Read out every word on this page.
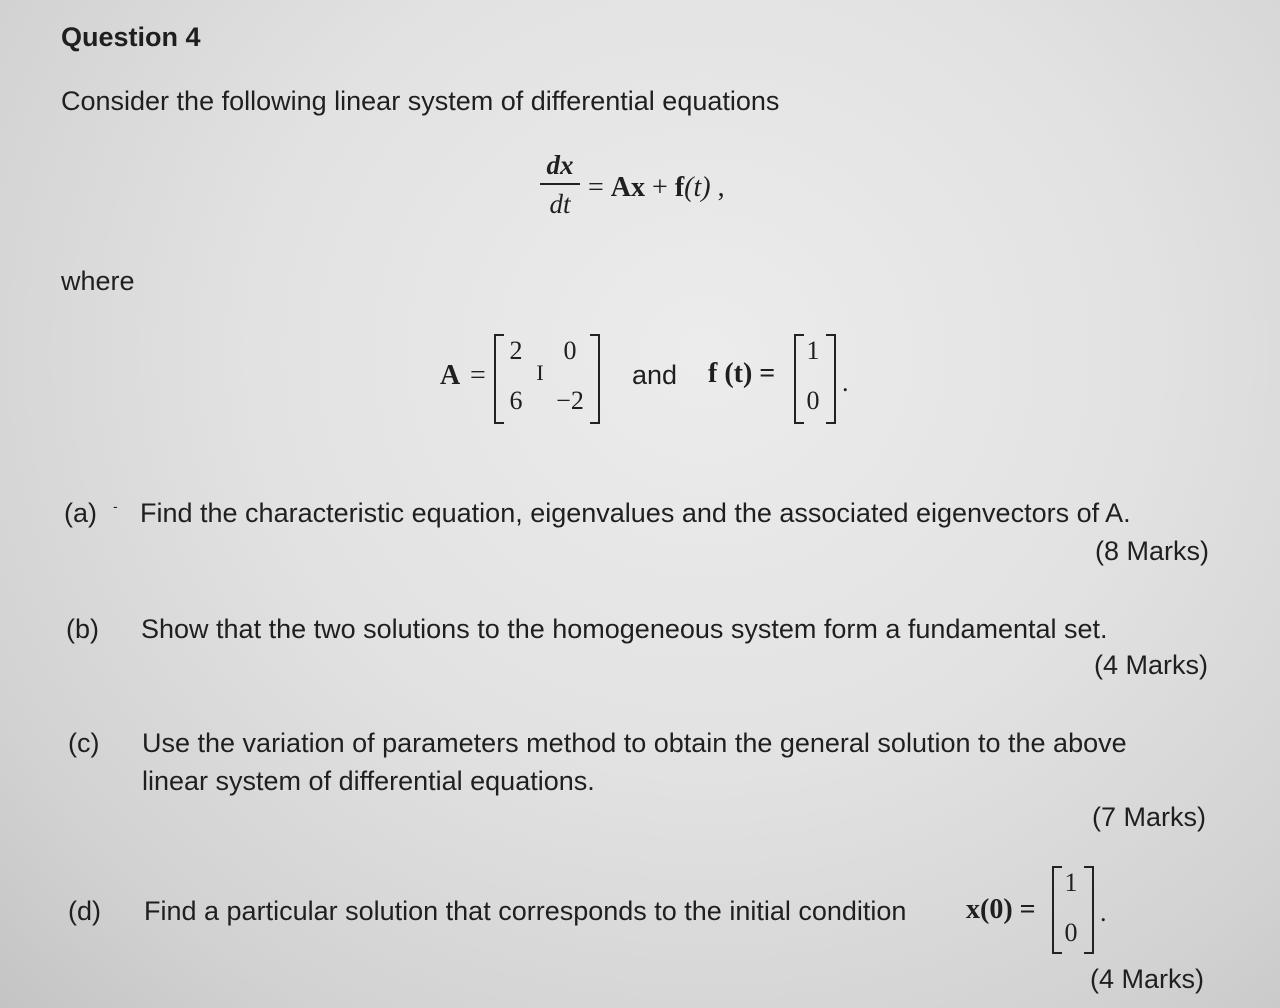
Question 4
Consider the following linear system of differential equations
dx
dt
= Ax + f(t) ,
where
A =
2 0
6 −2
I	and f (t) =
1
0
.
(a) - Find the characteristic equation, eigenvalues and the associated eigenvectors of A.
(8 Marks)
(b) Show that the two solutions to the homogeneous system form a fundamental set.
(4 Marks)
(c) Use the variation of parameters method to obtain the general solution to the above
linear system of differential equations.
(7 Marks)
(d) Find a particular solution that corresponds to the initial condition x(0) =
1
0
.
(4 Marks)
